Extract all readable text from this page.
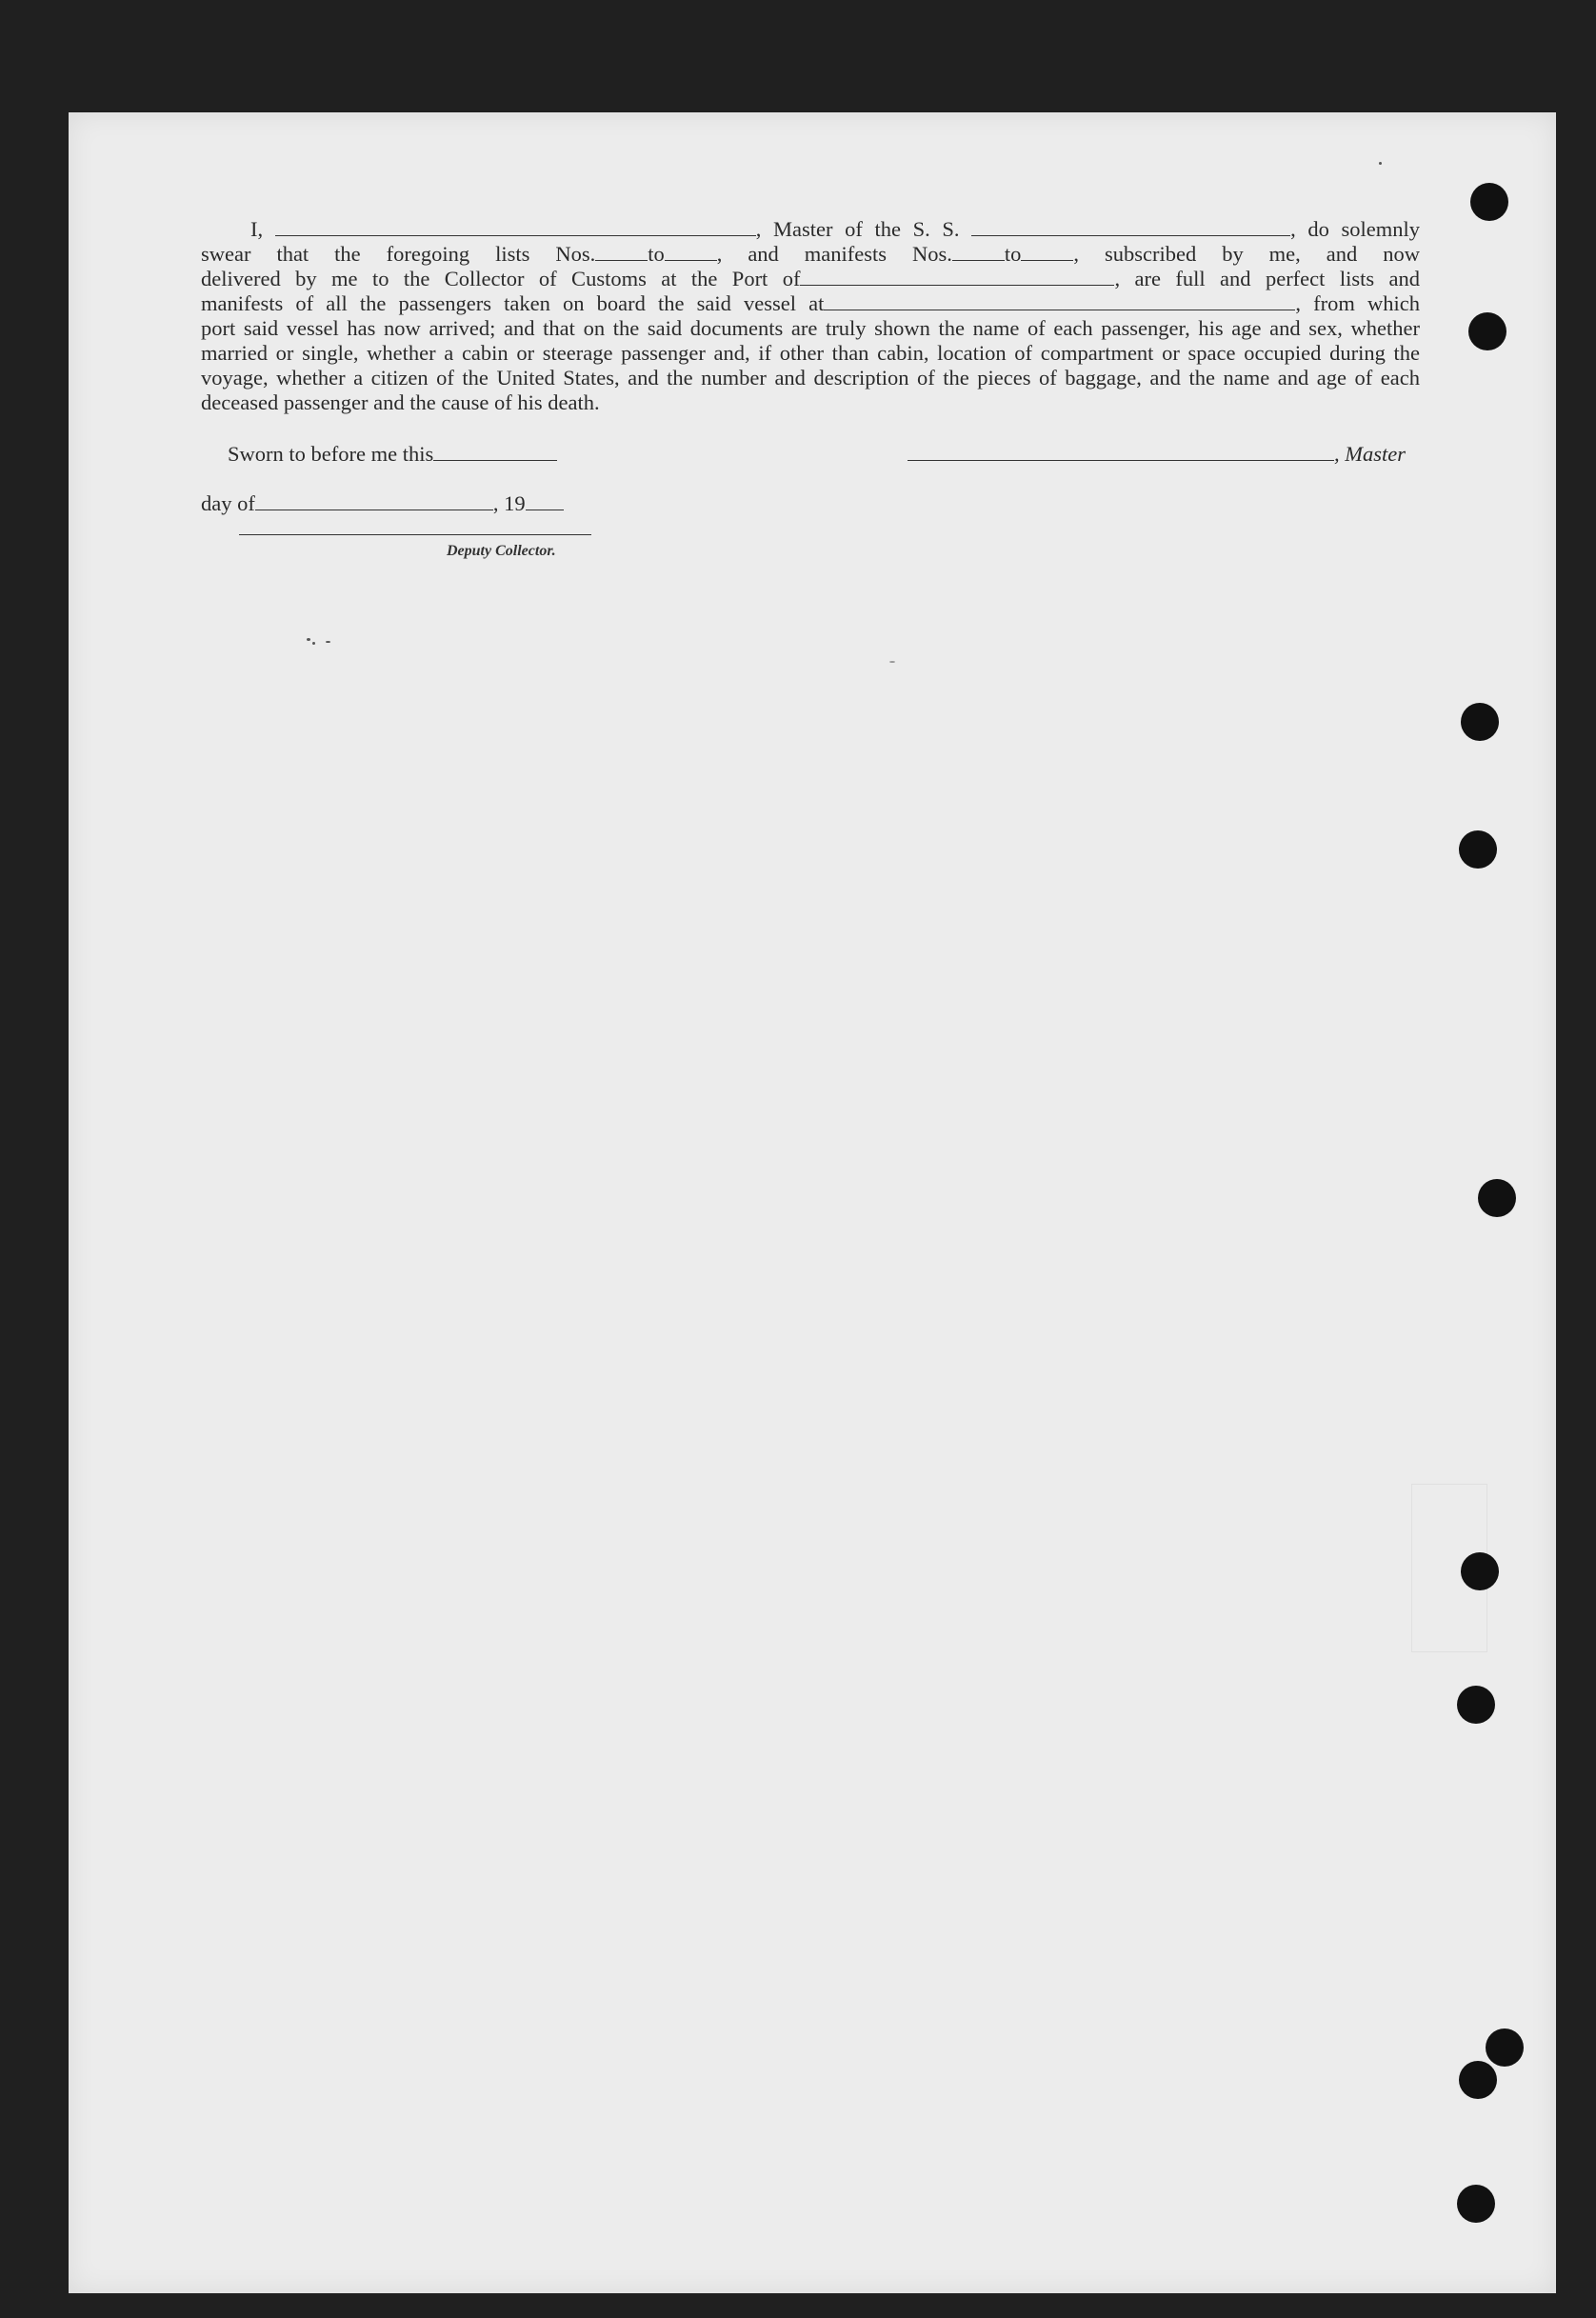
I,	, Master of the S. S.	, do solemnly

swear that the foregoing lists Nos. to , and manifests Nos. to , subscribed by me, and now

delivered by me to the Collector of Customs at the Port of	, are full and perfect lists and

manifests of all the passengers taken on board the said vessel at	, from which

port said vessel has now arrived; and that on the said documents are truly shown the name of each passenger, his age and sex, whether married or single, whether a cabin or steerage passenger and, if other than cabin, location of compartment or space occupied during the voyage, whether a citizen of the United States, and the number and description of the pieces of baggage, and the name and age of each deceased passenger and the cause of his death.

Sworn to before me this	, Master
day of	, 19
Deputy Collector.
